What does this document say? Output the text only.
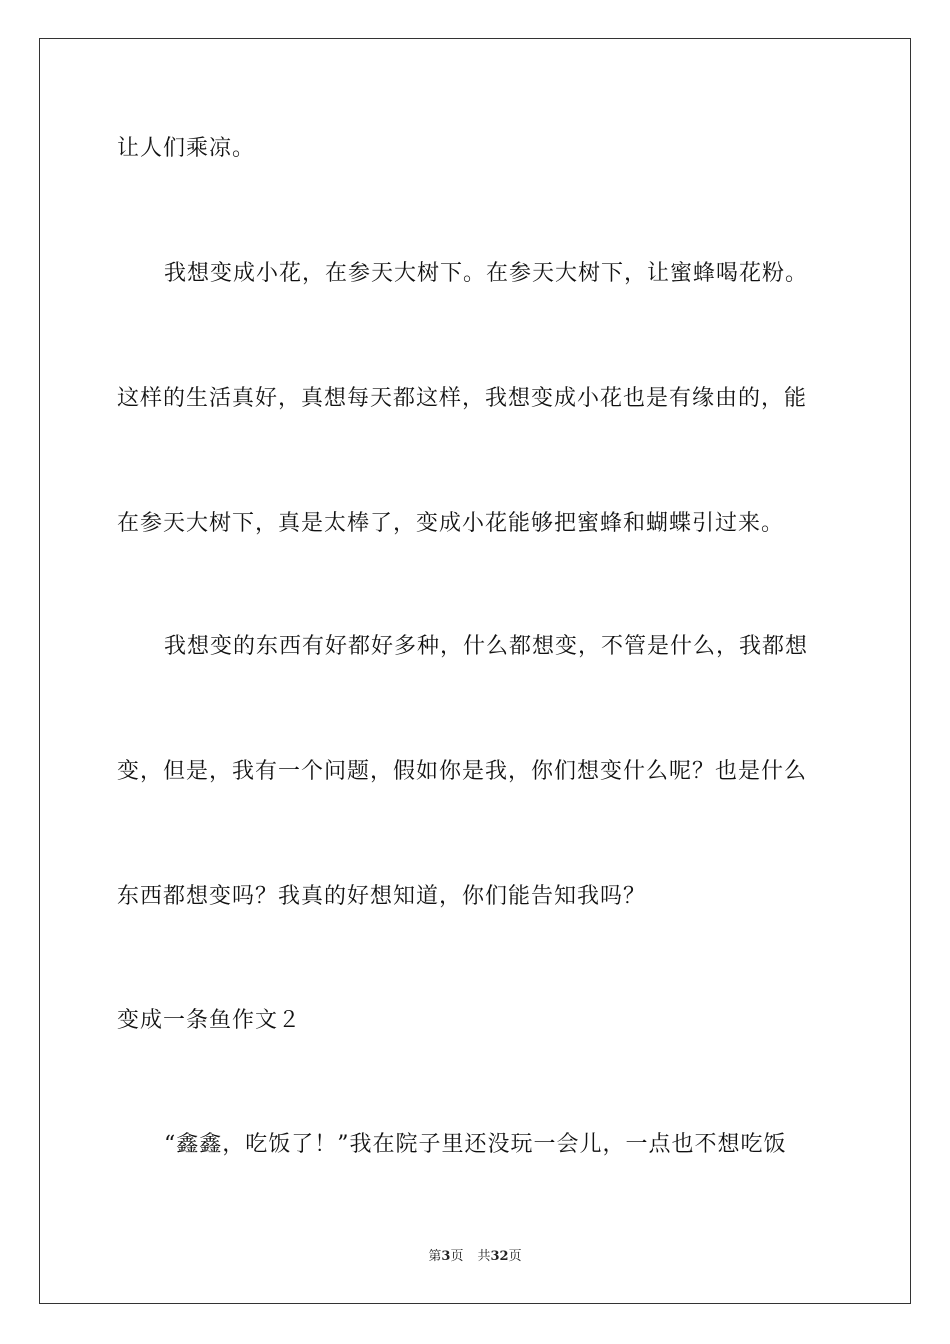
让人们乘凉。
我想变成小花，在参天大树下。在参天大树下，让蜜蜂喝花粉。
这样的生活真好，真想每天都这样，我想变成小花也是有缘由的，能
在参天大树下，真是太棒了，变成小花能够把蜜蜂和蝴蝶引过来。
我想变的东西有好都好多种，什么都想变，不管是什么，我都想
变，但是，我有一个问题，假如你是我，你们想变什么呢？也是什么
东西都想变吗？我真的好想知道，你们能告知我吗？
变成一条鱼作文２
“鑫鑫，吃饭了！”我在院子里还没玩一会儿，一点也不想吃饭
第3页 共32页
